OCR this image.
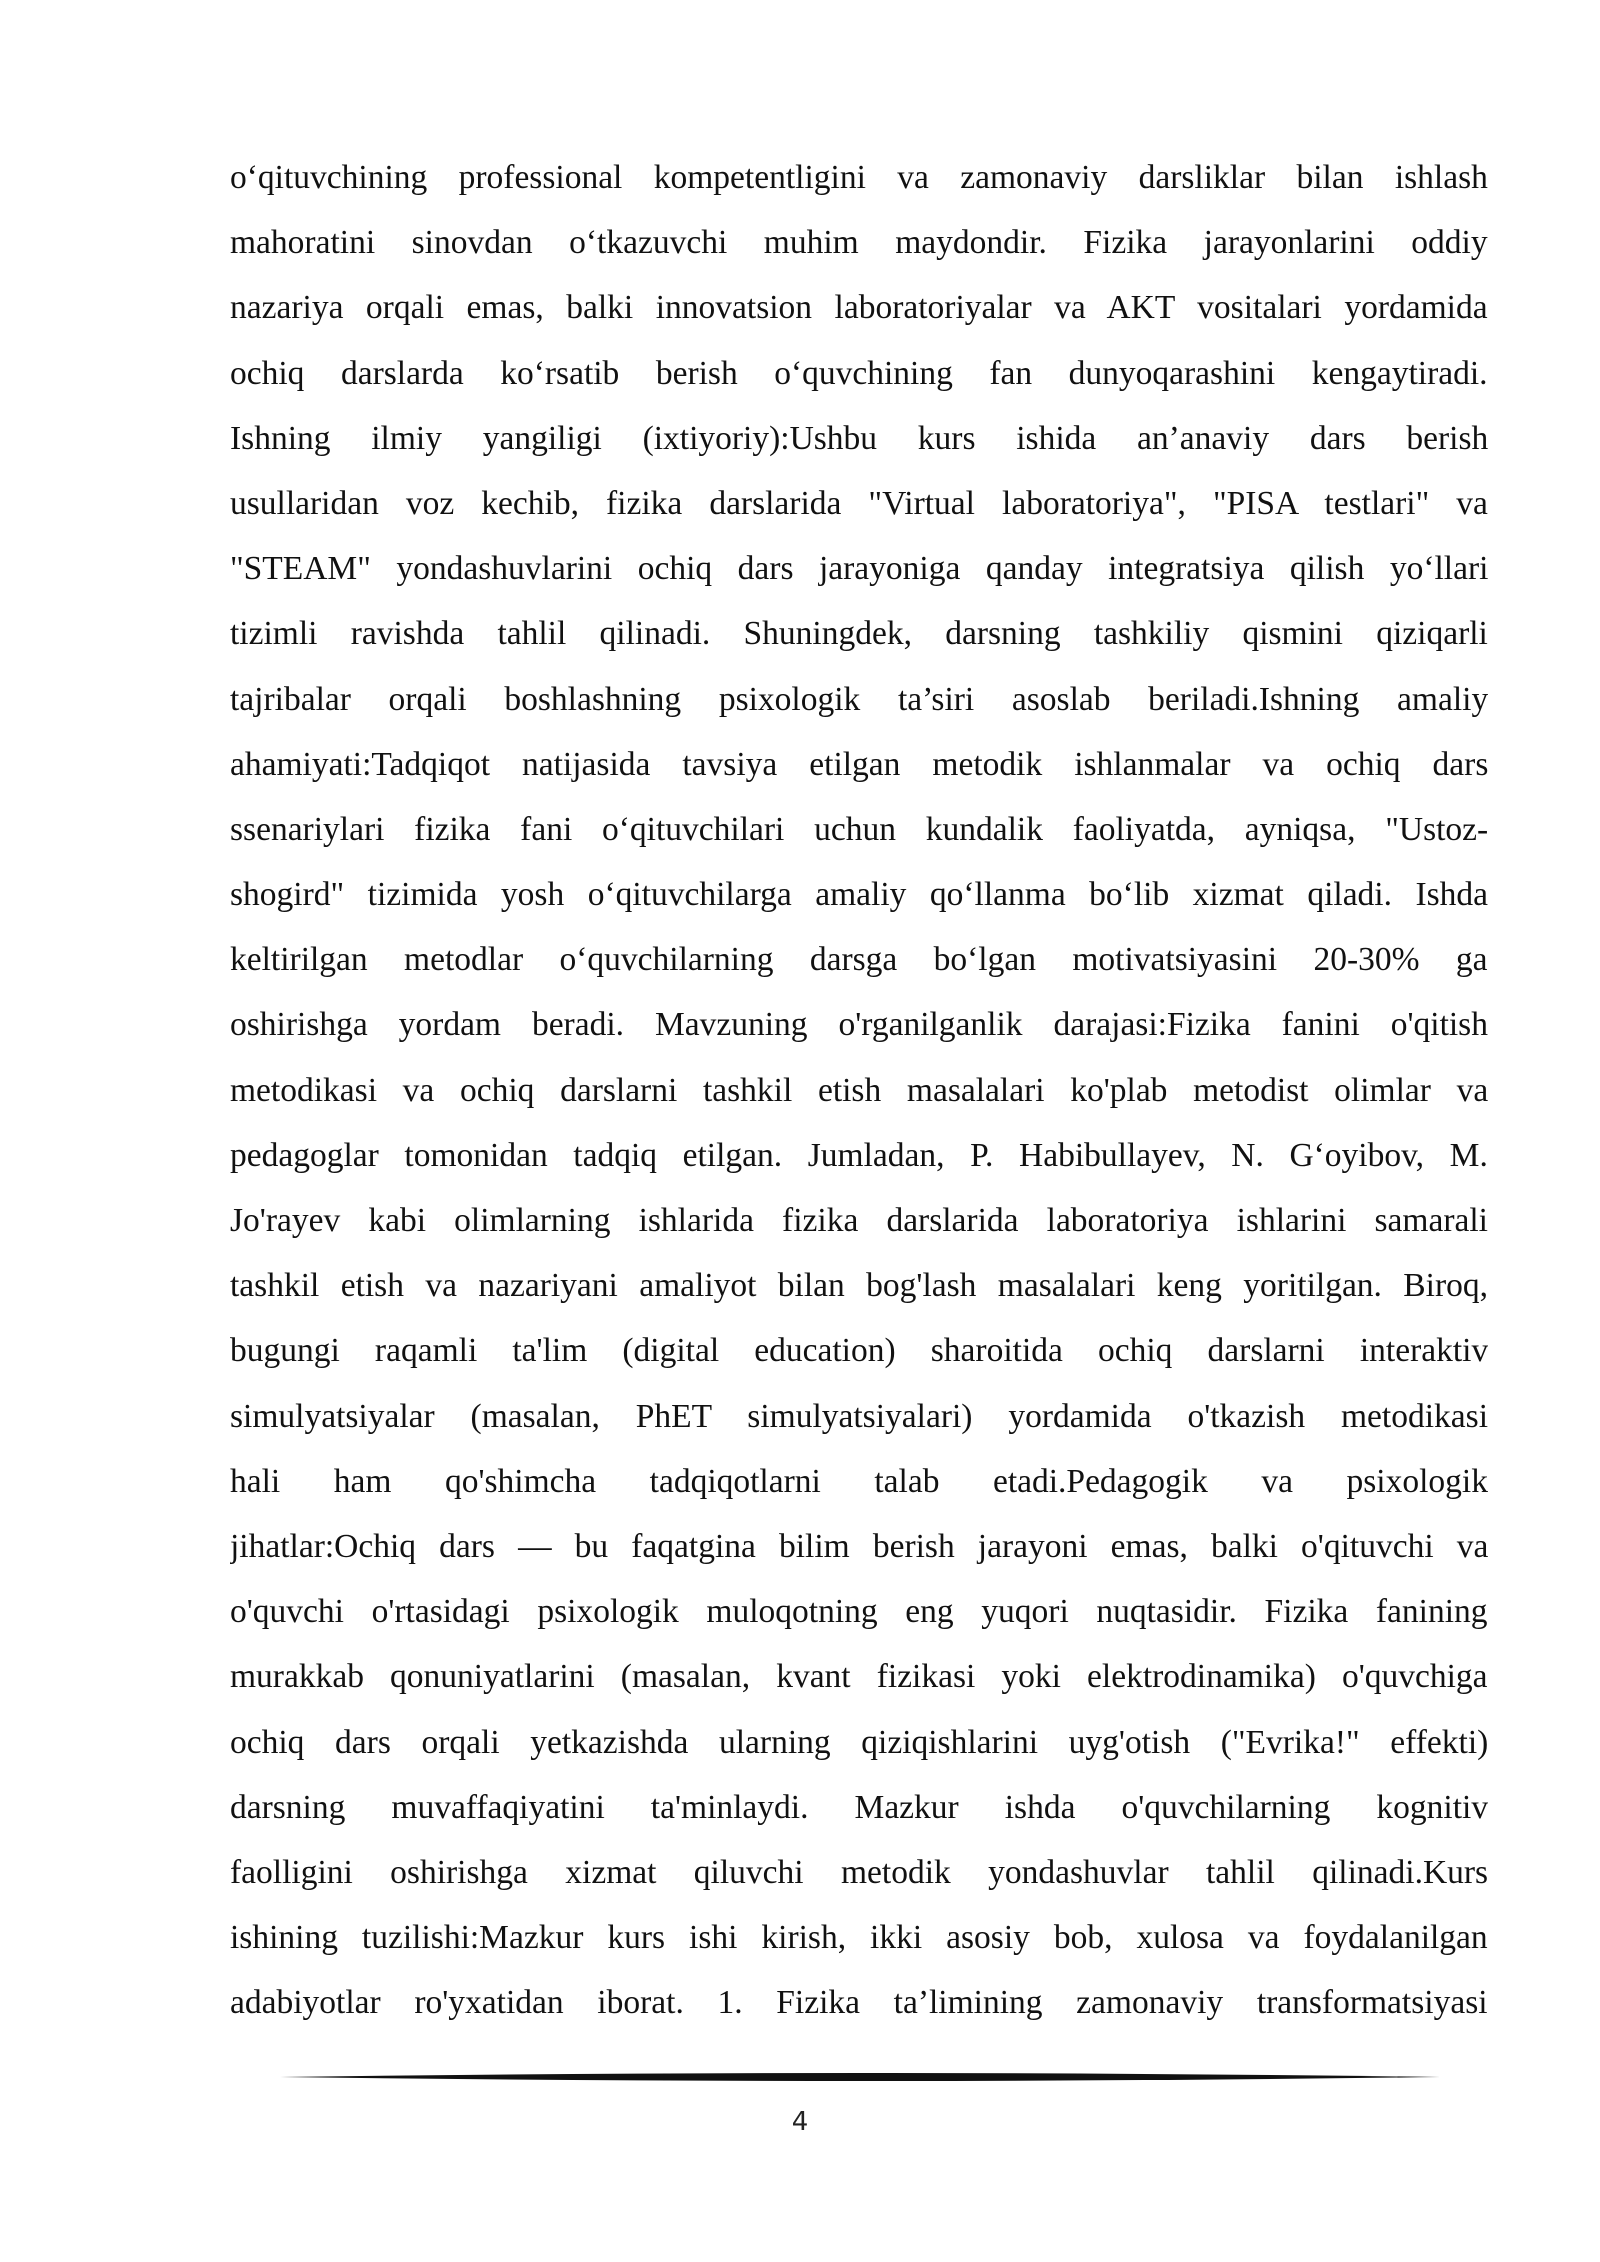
o‘qituvchining professional kompetentligini va zamonaviy darsliklar bilan ishlash
mahoratini sinovdan o‘tkazuvchi muhim maydondir. Fizika jarayonlarini oddiy
nazariya orqali emas, balki innovatsion laboratoriyalar va AKT vositalari yordamida
ochiq darslarda ko‘rsatib berish o‘quvchining fan dunyoqarashini kengaytiradi.
Ishning ilmiy yangiligi (ixtiyoriy):Ushbu kurs ishida an’anaviy dars berish
usullaridan voz kechib, fizika darslarida "Virtual laboratoriya", "PISA testlari" va
"STEAM" yondashuvlarini ochiq dars jarayoniga qanday integratsiya qilish yo‘llari
tizimli ravishda tahlil qilinadi. Shuningdek, darsning tashkiliy qismini qiziqarli
tajribalar orqali boshlashning psixologik ta’siri asoslab beriladi.Ishning amaliy
ahamiyati:Tadqiqot natijasida tavsiya etilgan metodik ishlanmalar va ochiq dars
ssenariylari fizika fani o‘qituvchilari uchun kundalik faoliyatda, ayniqsa, "Ustoz-
shogird" tizimida yosh o‘qituvchilarga amaliy qo‘llanma bo‘lib xizmat qiladi. Ishda
keltirilgan metodlar o‘quvchilarning darsga bo‘lgan motivatsiyasini 20-30% ga
oshirishga yordam beradi. Mavzuning o'rganilganlik darajasi:Fizika fanini o'qitish
metodikasi va ochiq darslarni tashkil etish masalalari ko'plab metodist olimlar va
pedagoglar tomonidan tadqiq etilgan. Jumladan, P. Habibullayev, N. G‘oyibov, M.
Jo'rayev kabi olimlarning ishlarida fizika darslarida laboratoriya ishlarini samarali
tashkil etish va nazariyani amaliyot bilan bog'lash masalalari keng yoritilgan. Biroq,
bugungi raqamli ta'lim (digital education) sharoitida ochiq darslarni interaktiv
simulyatsiyalar (masalan, PhET simulyatsiyalari) yordamida o'tkazish metodikasi
hali ham qo'shimcha tadqiqotlarni talab etadi.Pedagogik va psixologik
jihatlar:Ochiq dars — bu faqatgina bilim berish jarayoni emas, balki o'qituvchi va
o'quvchi o'rtasidagi psixologik muloqotning eng yuqori nuqtasidir. Fizika fanining
murakkab qonuniyatlarini (masalan, kvant fizikasi yoki elektrodinamika) o'quvchiga
ochiq dars orqali yetkazishda ularning qiziqishlarini uyg'otish ("Evrika!" effekti)
darsning muvaffaqiyatini ta'minlaydi. Mazkur ishda o'quvchilarning kognitiv
faolligini oshirishga xizmat qiluvchi metodik yondashuvlar tahlil qilinadi.Kurs
ishining tuzilishi:Mazkur kurs ishi kirish, ikki asosiy bob, xulosa va foydalanilgan
adabiyotlar ro'yxatidan iborat. 1. Fizika ta’limining zamonaviy transformatsiyasi
4
